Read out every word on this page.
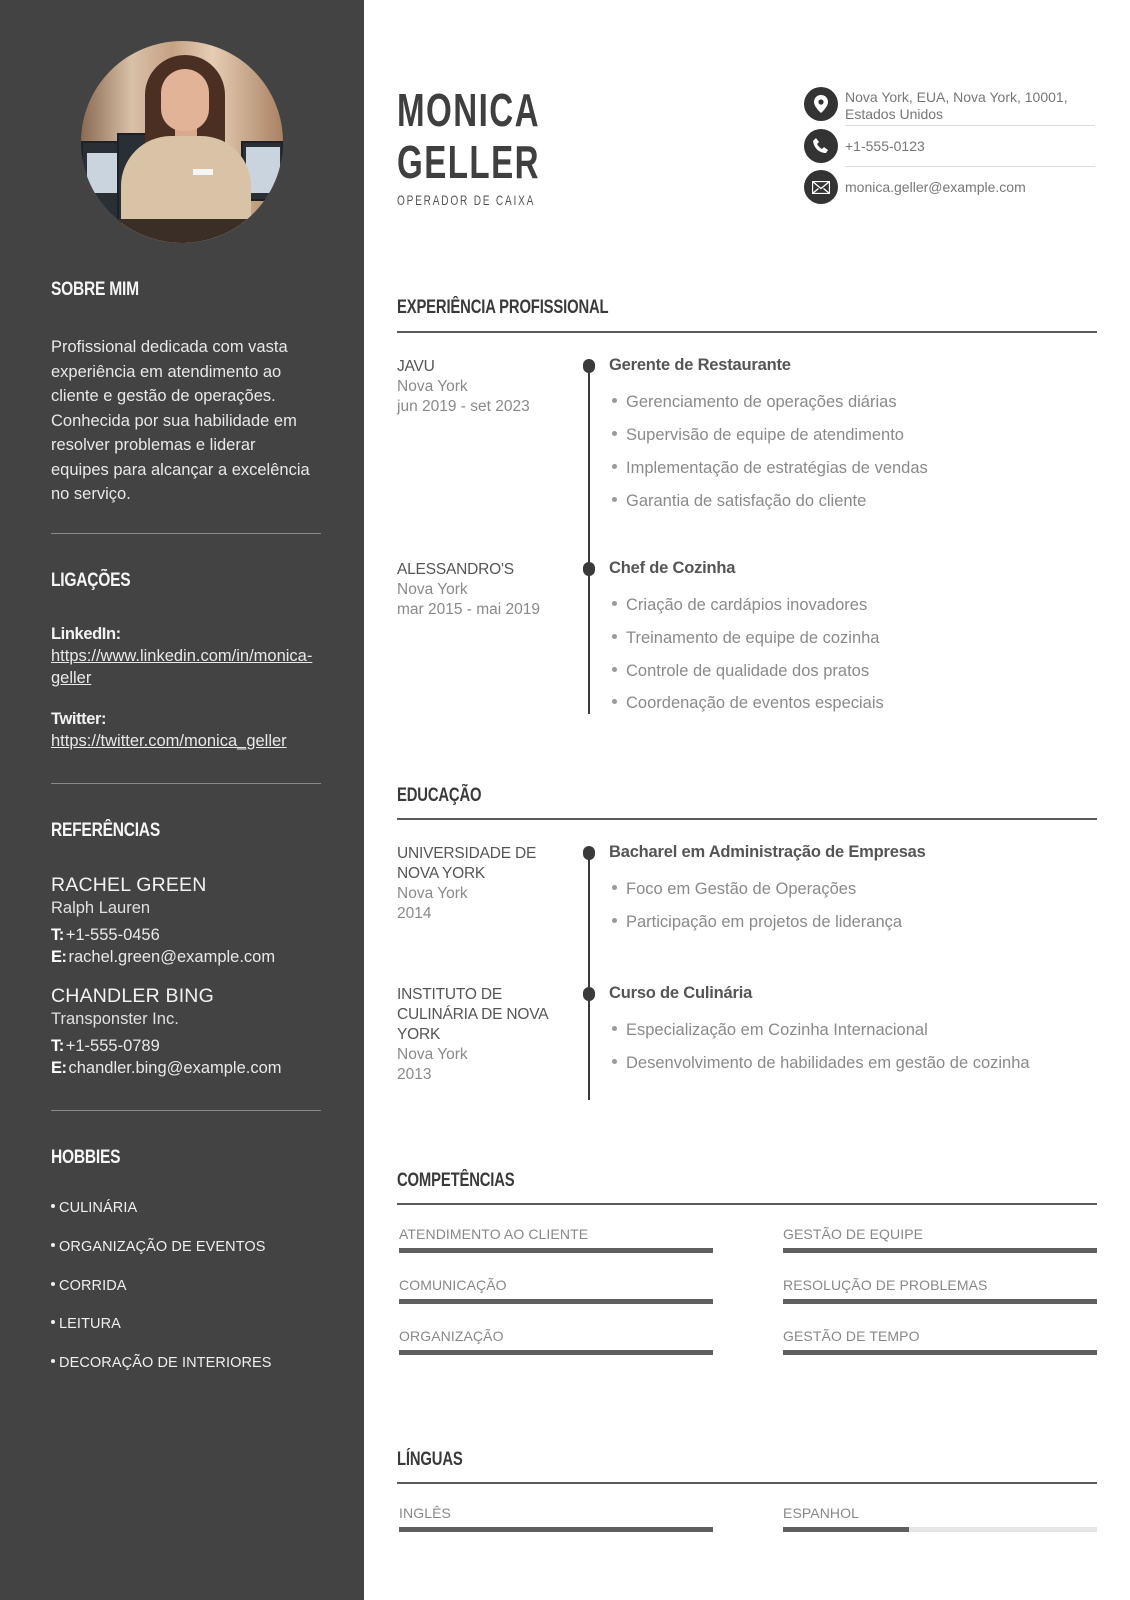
SOBRE MIM
Profissional dedicada com vasta experiência em atendimento ao cliente e gestão de operações. Conhecida por sua habilidade em resolver problemas e liderar equipes para alcançar a excelência no serviço.
LIGAÇÕES
LinkedIn:
https://www.linkedin.com/in/monica-geller
Twitter:
https://twitter.com/monica_geller
REFERÊNCIAS
RACHEL GREEN
Ralph Lauren
T: +1-555-0456
E: rachel.green@example.com
CHANDLER BING
Transponster Inc.
T: +1-555-0789
E: chandler.bing@example.com
HOBBIES
CULINÁRIA
ORGANIZAÇÃO DE EVENTOS
CORRIDA
LEITURA
DECORAÇÃO DE INTERIORES
MONICA
GELLER
OPERADOR DE CAIXA
Nova York, EUA, Nova York, 10001,
Estados Unidos
+1-555-0123
monica.geller@example.com
EXPERIÊNCIA PROFISSIONAL
JAVU
Nova York
jun 2019 - set 2023
Gerente de Restaurante
Gerenciamento de operações diárias
Supervisão de equipe de atendimento
Implementação de estratégias de vendas
Garantia de satisfação do cliente
ALESSANDRO'S
Nova York
mar 2015 - mai 2019
Chef de Cozinha
Criação de cardápios inovadores
Treinamento de equipe de cozinha
Controle de qualidade dos pratos
Coordenação de eventos especiais
EDUCAÇÃO
UNIVERSIDADE DE
NOVA YORK
Nova York
2014
Bacharel em Administração de Empresas
Foco em Gestão de Operações
Participação em projetos de liderança
INSTITUTO DE
CULINÁRIA DE NOVA
YORK
Nova York
2013
Curso de Culinária
Especialização em Cozinha Internacional
Desenvolvimento de habilidades em gestão de cozinha
COMPETÊNCIAS
ATENDIMENTO AO CLIENTE	GESTÃO DE EQUIPE
COMUNICAÇÃO	RESOLUÇÃO DE PROBLEMAS
ORGANIZAÇÃO	GESTÃO DE TEMPO
LÍNGUAS
INGLÊS	ESPANHOL
